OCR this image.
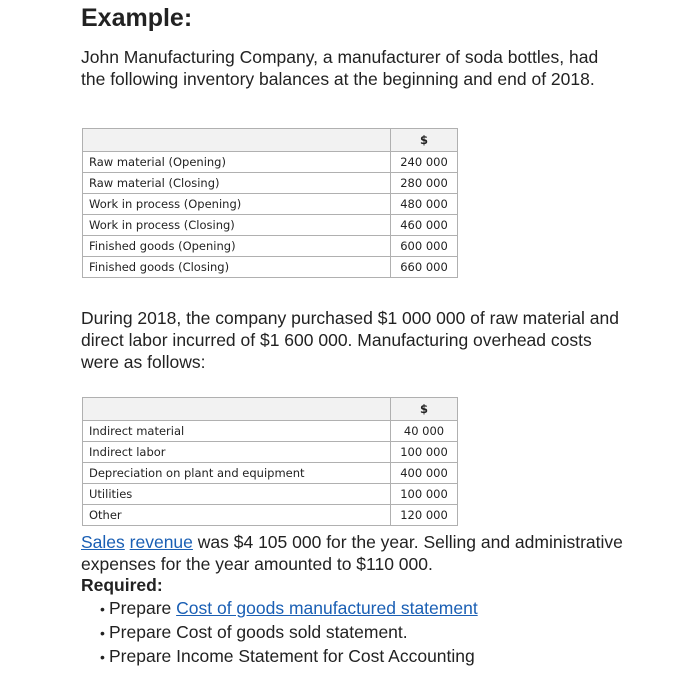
Example:

John Manufacturing Company, a manufacturer of soda bottles, had the following inventory balances at the beginning and end of 2018.

	$
Raw material (Opening)	240 000
Raw material (Closing)	280 000
Work in process (Opening)	480 000
Work in process (Closing)	460 000
Finished goods (Opening)	600 000
Finished goods (Closing)	660 000

During 2018, the company purchased $1 000 000 of raw material and direct labor incurred of $1 600 000. Manufacturing overhead costs were as follows:

	$
Indirect material	40 000
Indirect labor	100 000
Depreciation on plant and equipment	400 000
Utilities	100 000
Other	120 000

Sales revenue was $4 105 000 for the year. Selling and administrative expenses for the year amounted to $110 000.

Required:

• Prepare Cost of goods manufactured statement
• Prepare Cost of goods sold statement.
• Prepare Income Statement for Cost Accounting
